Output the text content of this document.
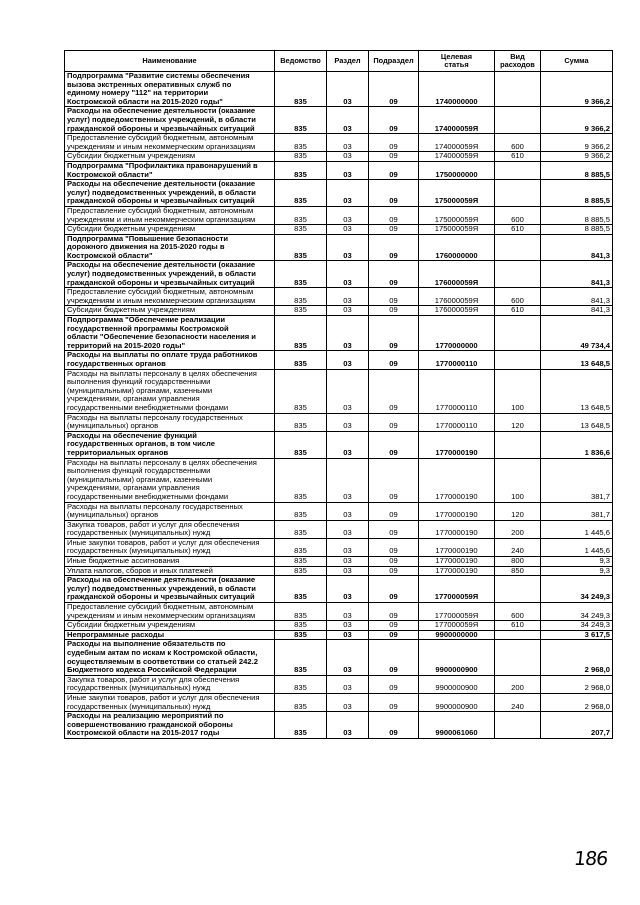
Наименование	Ведомство	Раздел	Подраздел	Целевая
статья	Вид
расходов	Сумма
Подпрограмма "Развитие системы обеспечения
вызова экстренных оперативных служб по
единому номеру "112" на территории
Костромской области на 2015-2020 годы"	835	03	09	1740000000		9 366,2
Расходы на обеспечение деятельности (оказание
услуг) подведомственных учреждений, в области
гражданской обороны и чрезвычайных ситуаций	835	03	09	174000059Я		9 366,2
Предоставление субсидий бюджетным, автономным
учреждениям и иным некоммерческим организациям	835	03	09	174000059Я	600	9 366,2
Субсидии бюджетным учреждениям	835	03	09	174000059Я	610	9 366,2
Подпрограмма "Профилактика правонарушений в
Костромской области"	835	03	09	1750000000		8 885,5
Расходы на обеспечение деятельности (оказание
услуг) подведомственных учреждений, в области
гражданской обороны и чрезвычайных ситуаций	835	03	09	175000059Я		8 885,5
Предоставление субсидий бюджетным, автономным
учреждениям и иным некоммерческим организациям	835	03	09	175000059Я	600	8 885,5
Субсидии бюджетным учреждениям	835	03	09	175000059Я	610	8 885,5
Подпрограмма "Повышение безопасности
дорожного движения на 2015-2020 годы в
Костромской области"	835	03	09	1760000000		841,3
Расходы на обеспечение деятельности (оказание
услуг) подведомственных учреждений, в области
гражданской обороны и чрезвычайных ситуаций	835	03	09	176000059Я		841,3
Предоставление субсидий бюджетным, автономным
учреждениям и иным некоммерческим организациям	835	03	09	176000059Я	600	841,3
Субсидии бюджетным учреждениям	835	03	09	176000059Я	610	841,3
Подпрограмма "Обеспечение реализации
государственной программы Костромской
области "Обеспечение безопасности населения и
территорий на 2015-2020 годы"	835	03	09	1770000000		49 734,4
Расходы на выплаты по оплате труда работников
государственных органов	835	03	09	1770000110		13 648,5
Расходы на выплаты персоналу в целях обеспечения
выполнения функций государственными
(муниципальными) органами, казенными
учреждениями, органами управления
государственными внебюджетными фондами	835	03	09	1770000110	100	13 648,5
Расходы на выплаты персоналу государственных
(муниципальных) органов	835	03	09	1770000110	120	13 648,5
Расходы на обеспечение функций
государственных органов, в том числе
территориальных органов	835	03	09	1770000190		1 836,6
Расходы на выплаты персоналу в целях обеспечения
выполнения функций государственными
(муниципальными) органами, казенными
учреждениями, органами управления
государственными внебюджетными фондами	835	03	09	1770000190	100	381,7
Расходы на выплаты персоналу государственных
(муниципальных) органов	835	03	09	1770000190	120	381,7
Закупка товаров, работ и услуг для обеспечения
государственных (муниципальных) нужд	835	03	09	1770000190	200	1 445,6
Иные закупки товаров, работ и услуг для обеспечения
государственных (муниципальных) нужд	835	03	09	1770000190	240	1 445,6
Иные бюджетные ассигнования	835	03	09	1770000190	800	9,3
Уплата налогов, сборов и иных платежей	835	03	09	1770000190	850	9,3
Расходы на обеспечение деятельности (оказание
услуг) подведомственных учреждений, в области
гражданской обороны и чрезвычайных ситуаций	835	03	09	177000059Я		34 249,3
Предоставление субсидий бюджетным, автономным
учреждениям и иным некоммерческим организациям	835	03	09	177000059Я	600	34 249,3
Субсидии бюджетным учреждениям	835	03	09	177000059Я	610	34 249,3
Непрограммные расходы	835	03	09	9900000000		3 617,5
Расходы на выполнение обязательств по
судебным актам по искам к Костромской области,
осуществляемым в соответствии со статьей 242.2
Бюджетного кодекса Российской Федерации	835	03	09	9900000900		2 968,0
Закупка товаров, работ и услуг для обеспечения
государственных (муниципальных) нужд	835	03	09	9900000900	200	2 968,0
Иные закупки товаров, работ и услуг для обеспечения
государственных (муниципальных) нужд	835	03	09	9900000900	240	2 968,0
Расходы на реализацию мероприятий по
совершенствованию гражданской обороны
Костромской области на 2015-2017 годы	835	03	09	9900061060		207,7
186
